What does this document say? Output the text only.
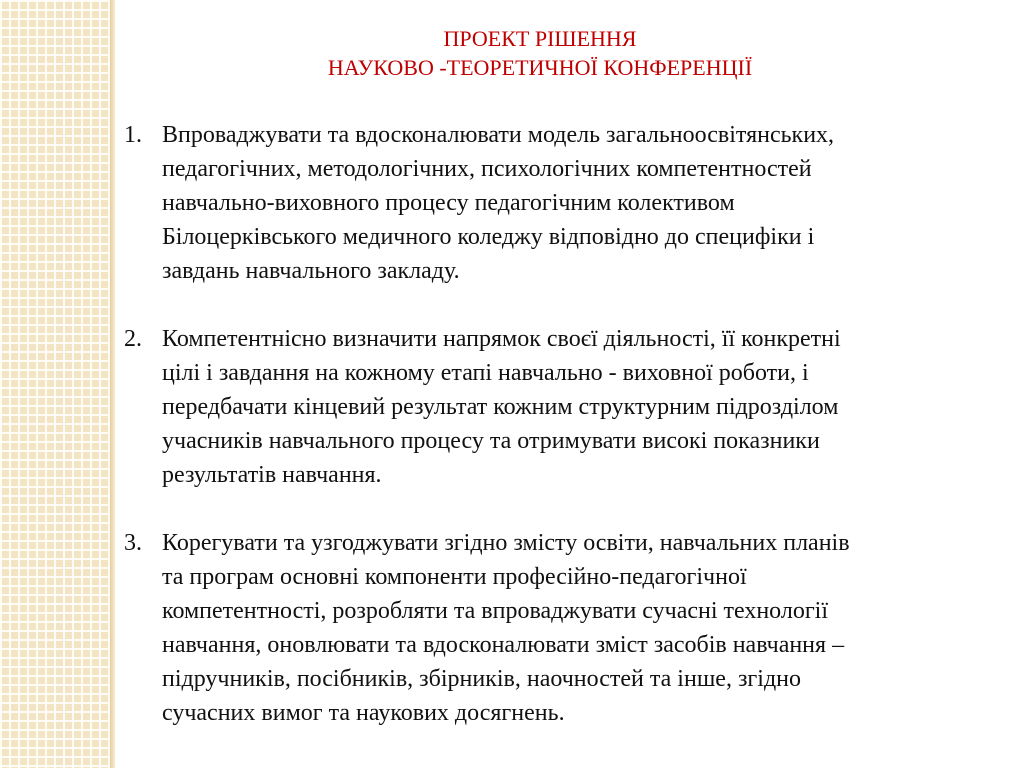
ПРОЕКТ РІШЕННЯ
НАУКОВО -ТЕОРЕТИЧНОЇ КОНФЕРЕНЦІЇ
1. Впроваджувати та вдосконалювати модель загальноосвітянських,
педагогічних, методологічних, психологічних компетентностей
навчально-виховного процесу педагогічним колективом
Білоцерківського медичного коледжу відповідно до специфіки і
завдань навчального закладу.
2. Компетентнісно визначити напрямок своєї діяльності, її конкретні
цілі і завдання на кожному етапі навчально - виховної роботи, і
передбачати кінцевий результат кожним структурним підрозділом
учасників навчального процесу та отримувати високі показники
результатів навчання.
3. Корегувати та узгоджувати згідно змісту освіти, навчальних планів
та програм основні компоненти професійно-педагогічної
компетентності, розробляти та впроваджувати сучасні технології
навчання, оновлювати та вдосконалювати зміст засобів навчання –
підручників, посібників, збірників, наочностей та інше, згідно
сучасних вимог та наукових досягнень.
